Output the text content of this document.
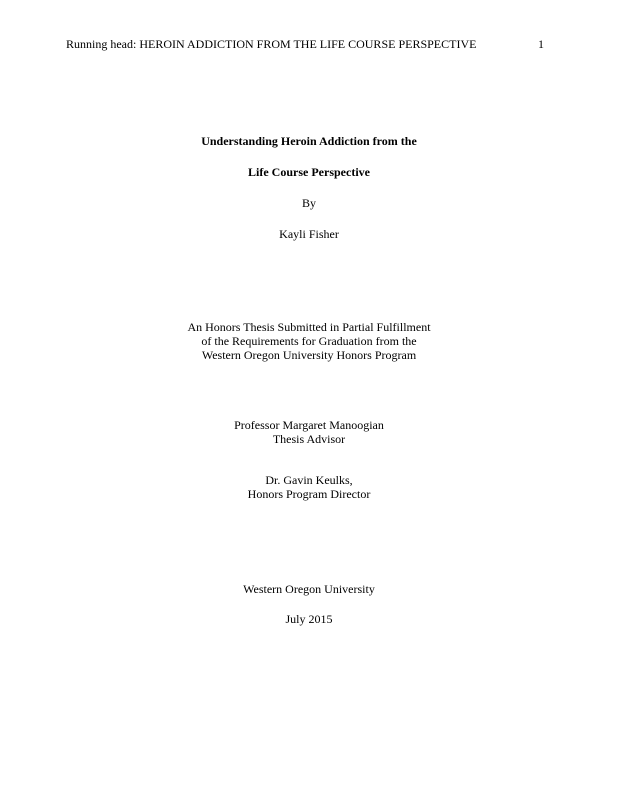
Running head: HEROIN ADDICTION FROM THE LIFE COURSE PERSPECTIVE	1
Understanding Heroin Addiction from the
Life Course Perspective
By
Kayli Fisher
An Honors Thesis Submitted in Partial Fulfillment
of the Requirements for Graduation from the
Western Oregon University Honors Program
Professor Margaret Manoogian
Thesis Advisor
Dr. Gavin Keulks,
Honors Program Director
Western Oregon University
July 2015
